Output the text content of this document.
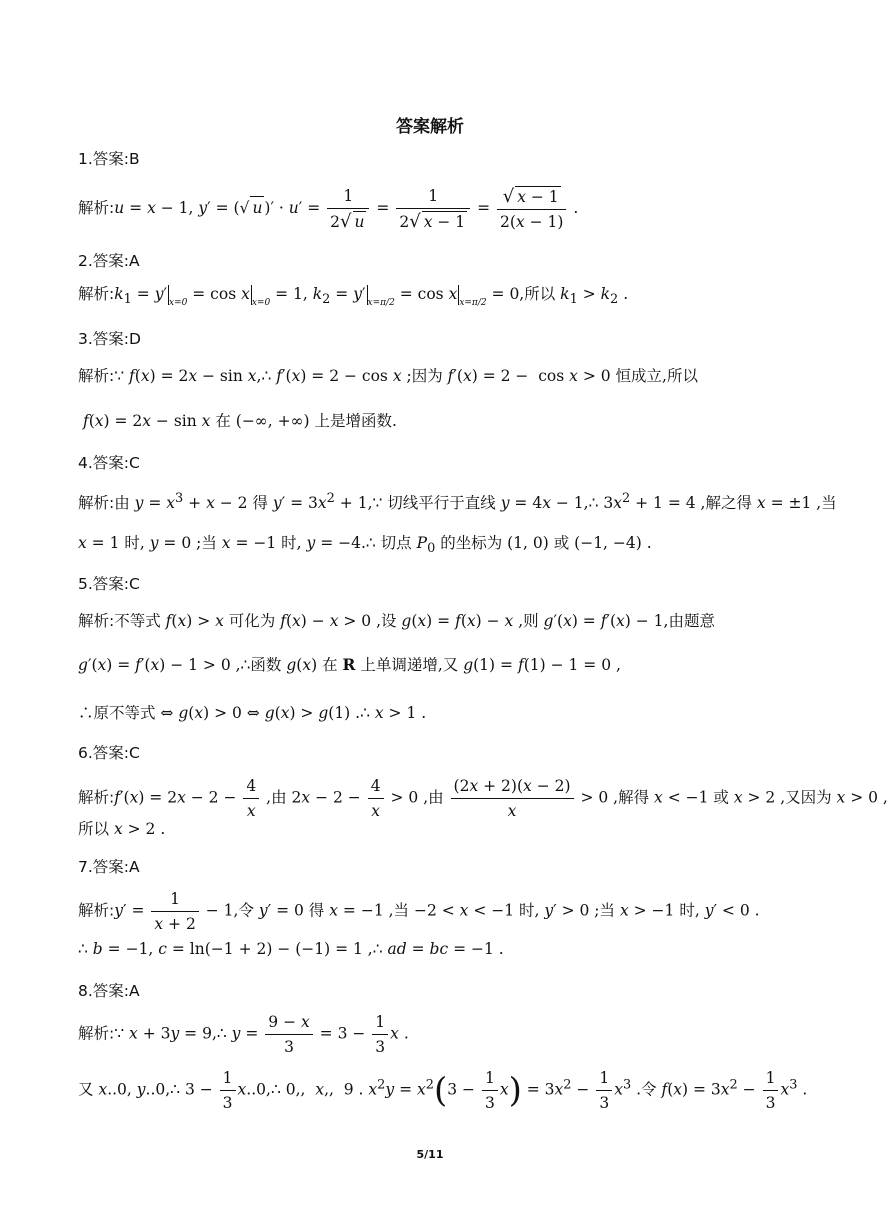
答案解析
1.答案:B
解析:u = x − 1, y′ = (√ u )′ · $u' = \frac{1}{2√ u} = \frac{1}{2√ x - 1} = \frac{√ x - 1}{2(x - 1)}$ .
2.答案:A
解析$:k_1 = y'$ $_{x=0}$ = cos x $_{x=0}$ = 1, $k_2 = y'$ $_{x=\pi/2}$ = cos x $_{x=\pi/2}$ = 0,所以 $k_1 > k_2$ .
3.答案:D
解析:∵ f(x) = 2x − sin x,∴ f′(x) = 2 − cos x ;因为 f′(x) = 2 −  cos x > 0 恒成立,所以
f(x) = 2x − sin x 在 (−∞, +∞) 上是增函数.
4.答案:C
解析:由 $y = x^3 + x - 2$ 得 $y' = 3x^2$ + 1,∵ 切线平行于直线 y = 4x − 1,∴ $3x^2 + 1 = 4$ ,解之得 x = ±1 ,当
x = 1 时, y = 0 ;当 x = −1 时, y = −4.∴ 切点 $P_0$ 的坐标为 (1, 0) 或 (−1, −4) .
5.答案:C
解析:不等式 f(x) > x 可化为 f(x) − x > 0 ,设 g(x) = f(x) − x ,则 g′(x) = f′(x) − 1,由题意
g′(x) = f′(x) − 1 > 0 ,∴函数 g(x) 在 R 上单调递增,又 g(1) = f(1) − 1 = 0 ,
∴原不等式 ⇔ g(x) > 0 ⇔ g(x) > g(1) .∴ x > 1 .
6.答案:C
解析:f′(x) = $2x - 2 - \frac{4}{x}$ ,由 $2x - 2 - \frac{4}{x} > 0$ ,由 $\frac{(2x + 2)(x - 2)}{x} > 0$ ,解得 x < −1 或 x > 2 ,又因为 x > 0 ,
所以 x > 2 .
7.答案:A
解析:y′ = $\frac{1}{x + 2} - 1$,令 y′ = 0 得 x = −1 ,当 −2 < x < −1 时, y′ > 0 ;当 x > −1 时, y′ < 0 .
∴ b = −1, c = ln(−1 + 2) − (−1) = 1 ,∴ ad = bc = −1 .
8.答案:A
解析:∵ x + 3y = 9,∴ $y = \frac{9 - x}{3} = 3 - \frac{1}{3}$ x .
又 x..0, y..0,∴ $3 - \frac{1}{3}$ x..0,∴ 0,,  x,,  9 . $x^2y = x^2(3 - \frac{1}{3} x) = 3x^2 - \frac{1}{3} x^3$ .令 $f(x) = 3x^2 - \frac{1}{3} x^3$ .
5/11
